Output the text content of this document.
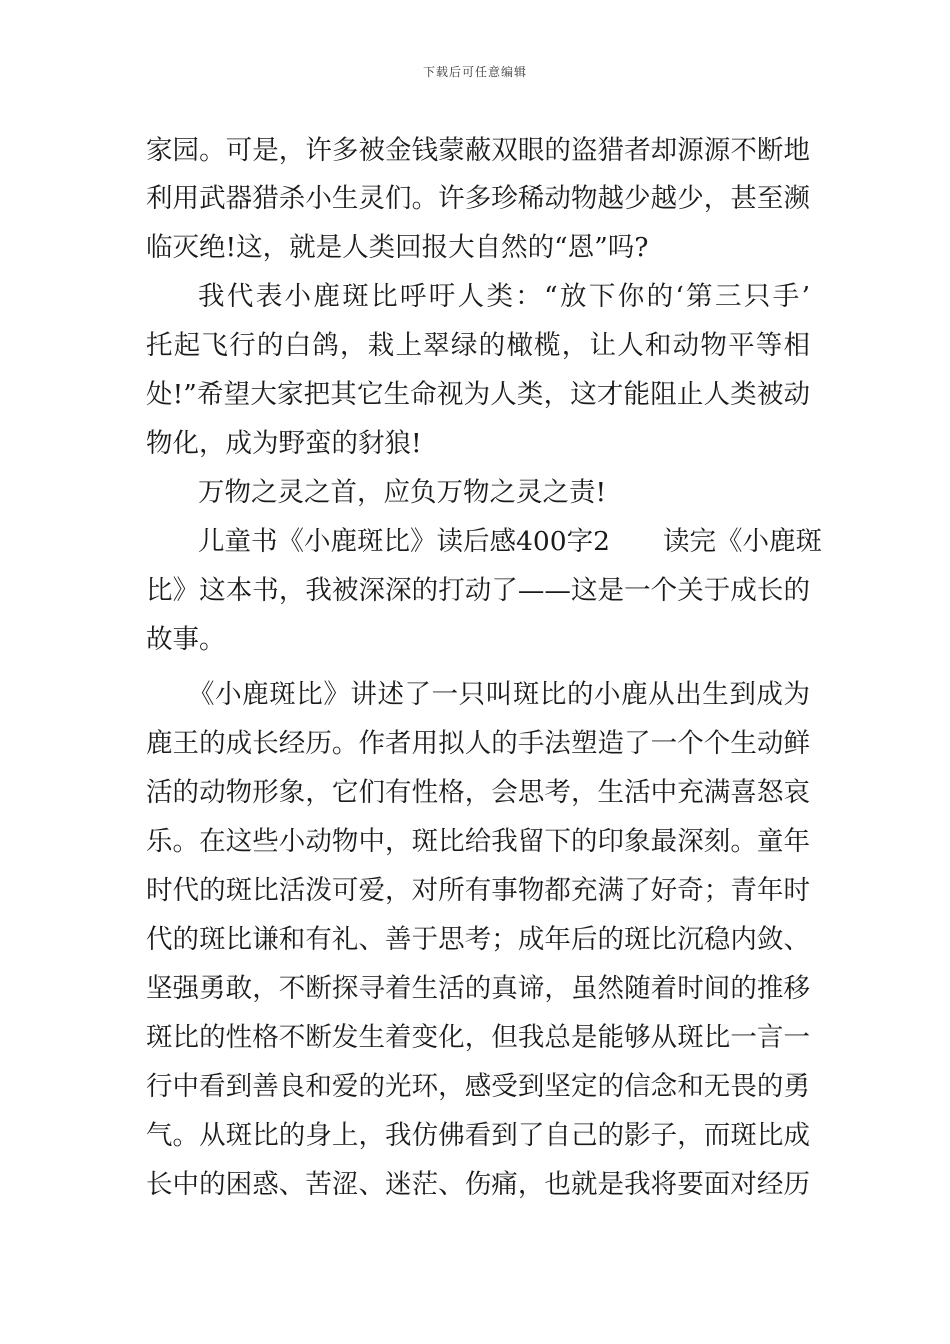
下载后可任意编辑
家园。可是，许多被金钱蒙蔽双眼的盗猎者却源源不断地
利用武器猎杀小生灵们。许多珍稀动物越少越少，甚至濒
临灭绝!这，就是人类回报大自然的“恩”吗?
我代表小鹿斑比呼吁人类：“放下你的‘第三只手’
托起飞行的白鸽，栽上翠绿的橄榄，让人和动物平等相
处!”希望大家把其它生命视为人类，这才能阻止人类被动
物化，成为野蛮的豺狼!
万物之灵之首，应负万物之灵之责!
儿童书《小鹿斑比》读后感400字2　　读完《小鹿斑
比》这本书，我被深深的打动了——这是一个关于成长的
故事。
《小鹿斑比》讲述了一只叫斑比的小鹿从出生到成为
鹿王的成长经历。作者用拟人的手法塑造了一个个生动鲜
活的动物形象，它们有性格，会思考，生活中充满喜怒哀
乐。在这些小动物中，斑比给我留下的印象最深刻。童年
时代的斑比活泼可爱，对所有事物都充满了好奇；青年时
代的斑比谦和有礼、善于思考；成年后的斑比沉稳内敛、
坚强勇敢，不断探寻着生活的真谛，虽然随着时间的推移
斑比的性格不断发生着变化，但我总是能够从斑比一言一
行中看到善良和爱的光环，感受到坚定的信念和无畏的勇
气。从斑比的身上，我仿佛看到了自己的影子，而斑比成
长中的困惑、苦涩、迷茫、伤痛，也就是我将要面对经历
